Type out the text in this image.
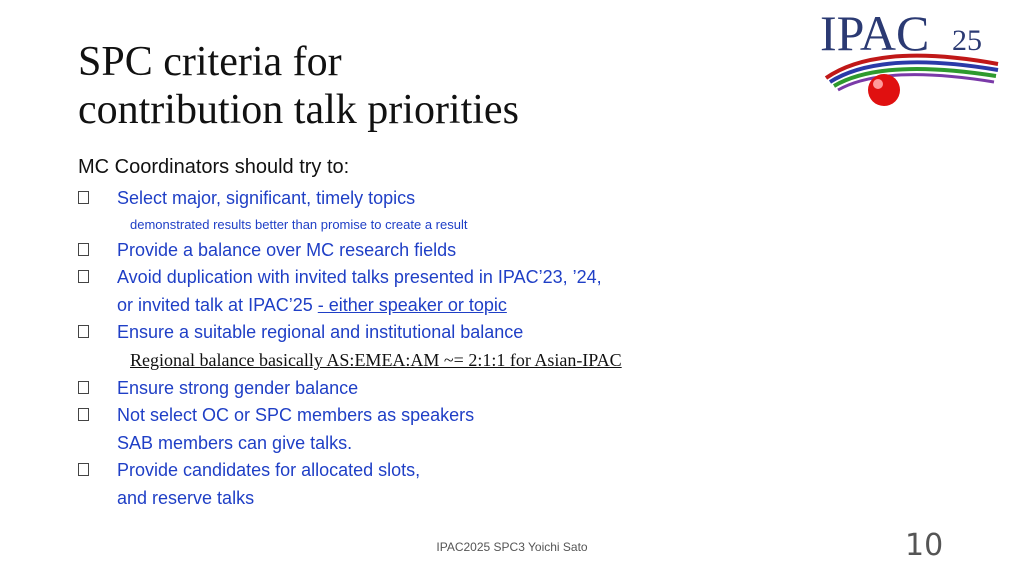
SPC criteria for
contribution talk priorities
IPAC 25
MC Coordinators should try to:
Select major, significant, timely topics
demonstrated results better than promise to create a result
Provide a balance over MC research fields
Avoid duplication with invited talks presented in IPAC’23, ’24,
or invited talk at IPAC’25 - either speaker or topic
Ensure a suitable regional and institutional balance
Regional balance basically AS:EMEA:AM ~= 2:1:1 for Asian-IPAC
Ensure strong gender balance
Not select OC or SPC members as speakers
SAB members can give talks.
Provide candidates for allocated slots,
and reserve talks
IPAC2025 SPC3 Yoichi Sato	10
